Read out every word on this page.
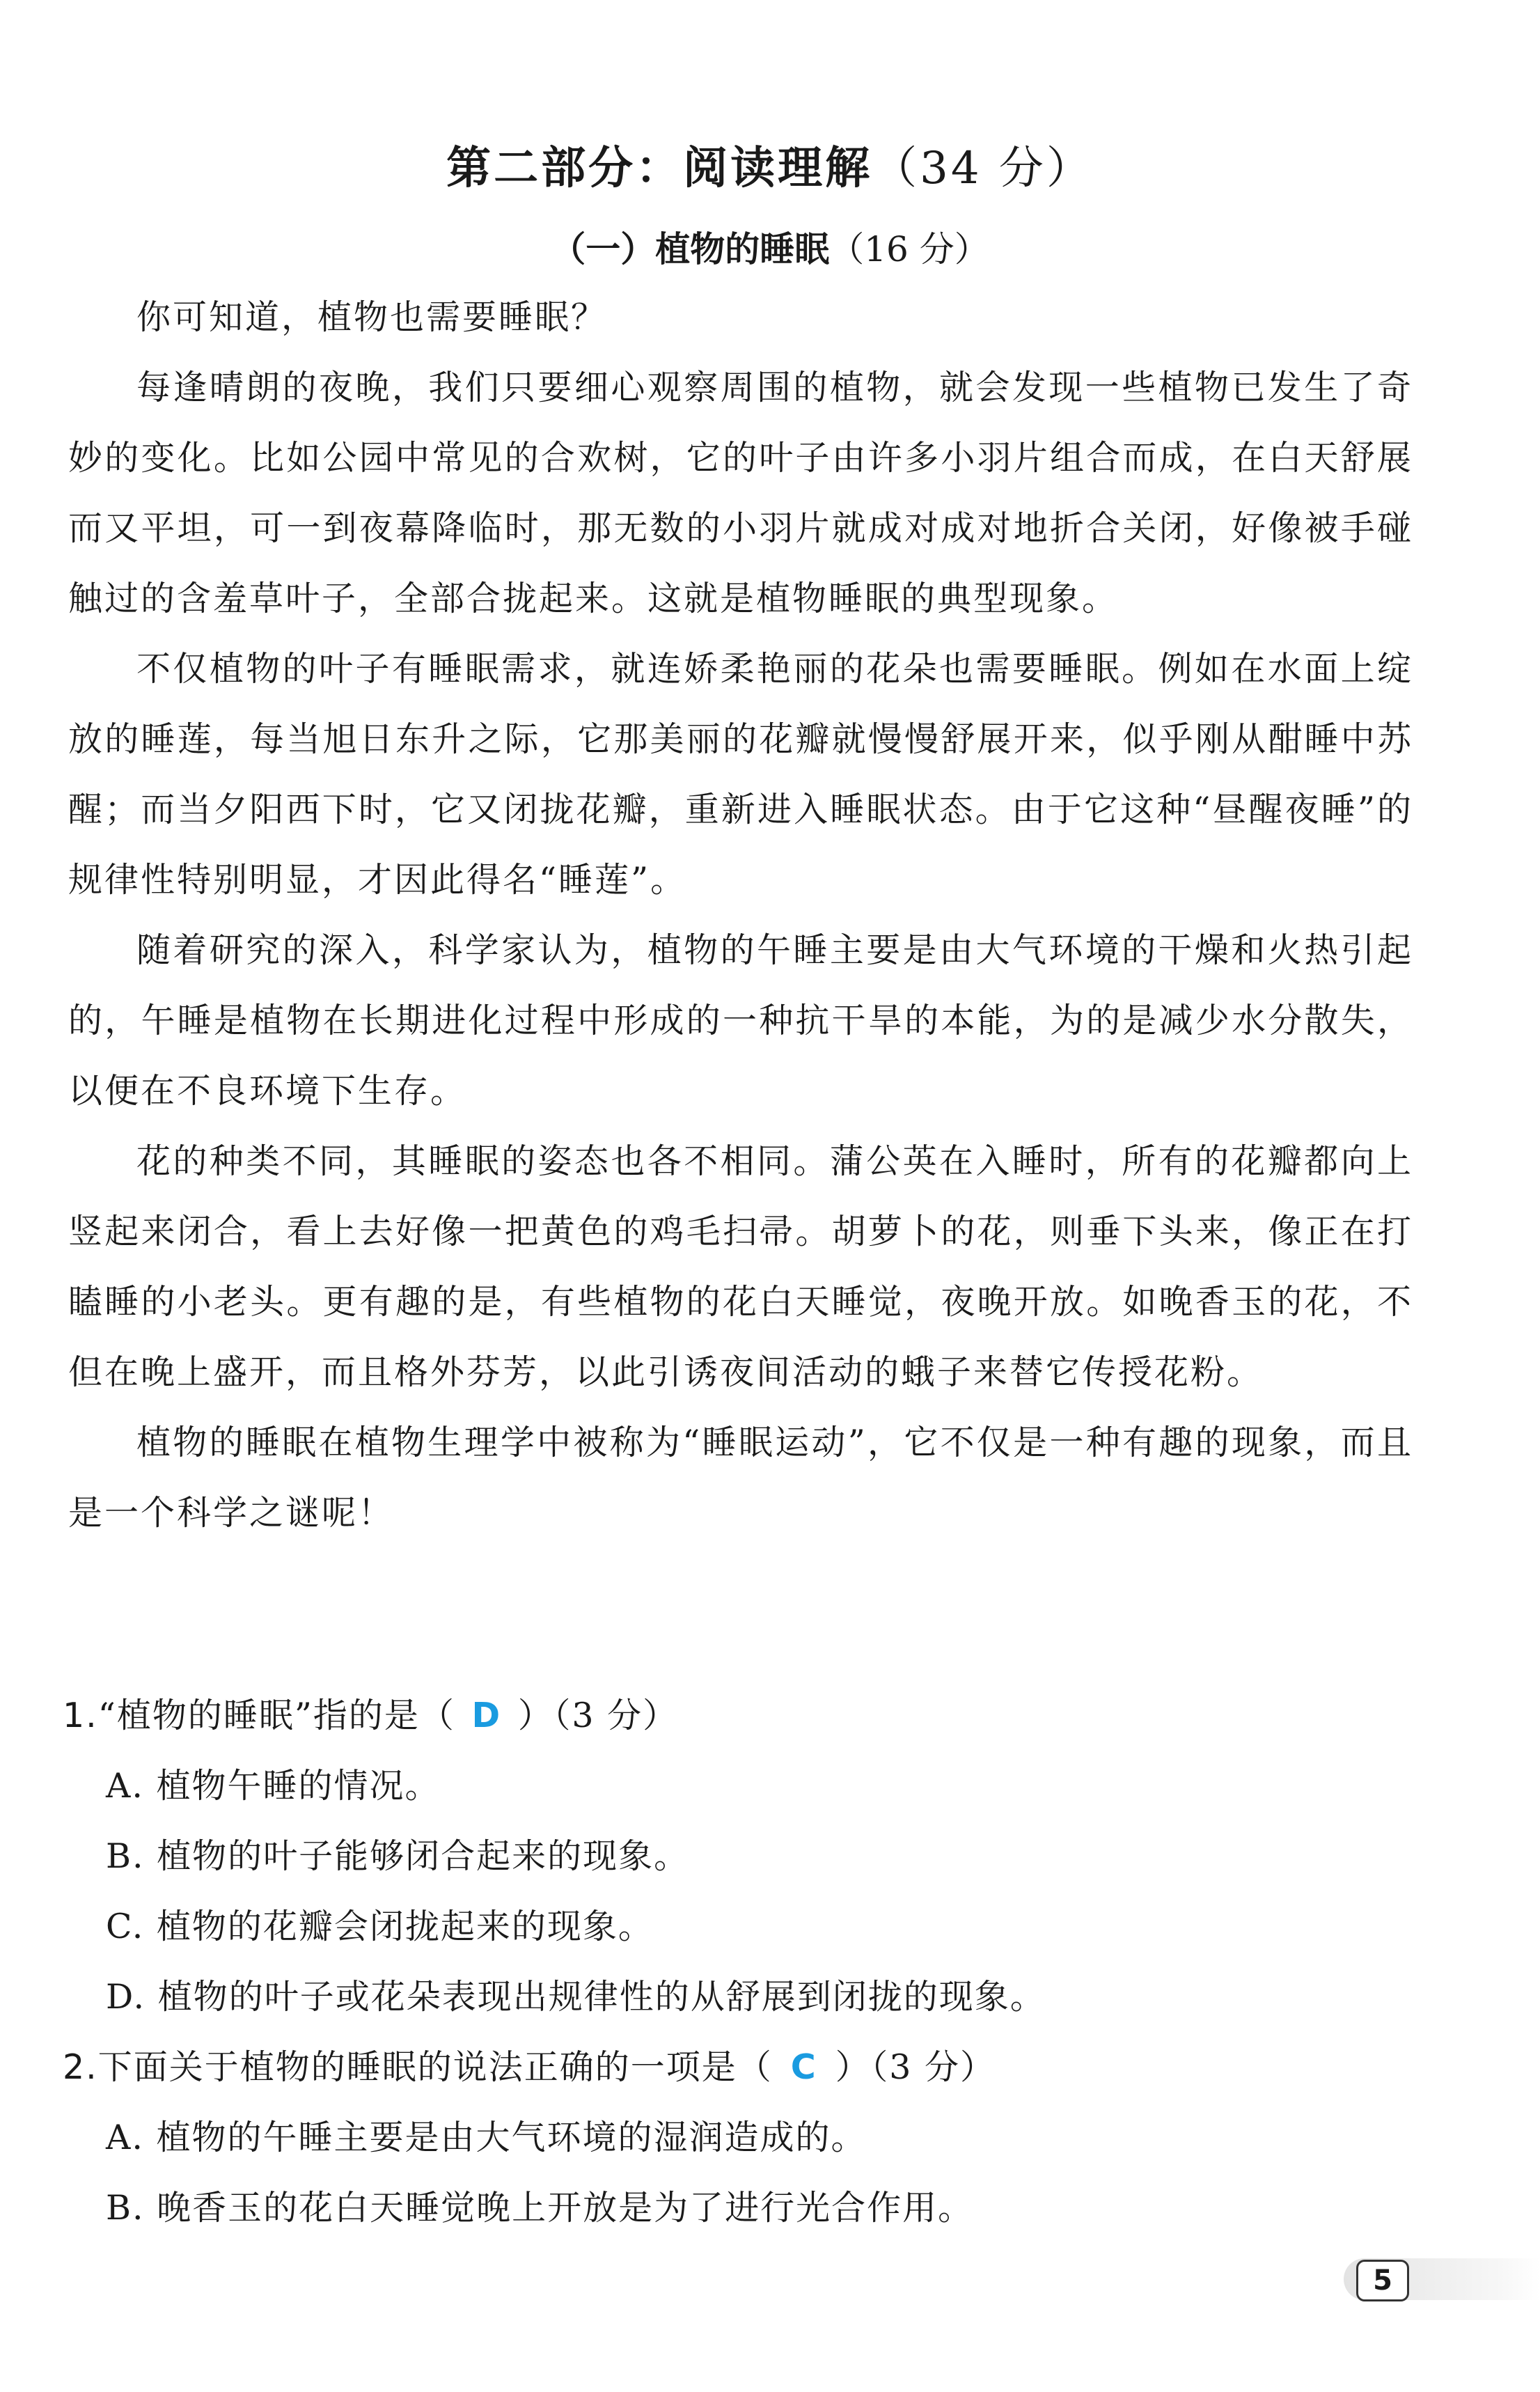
第二部分：阅读理解（34 分）
（一）植物的睡眠（16 分）

你可知道，植物也需要睡眠？

每逢晴朗的夜晚，我们只要细心观察周围的植物，就会发现一些植物已发生了奇妙的变化。比如公园中常见的合欢树，它的叶子由许多小羽片组合而成，在白天舒展而又平坦，可一到夜幕降临时，那无数的小羽片就成对成对地折合关闭，好像被手碰触过的含羞草叶子，全部合拢起来。这就是植物睡眠的典型现象。

不仅植物的叶子有睡眠需求，就连娇柔艳丽的花朵也需要睡眠。例如在水面上绽放的睡莲，每当旭日东升之际，它那美丽的花瓣就慢慢舒展开来，似乎刚从酣睡中苏醒；而当夕阳西下时，它又闭拢花瓣，重新进入睡眠状态。由于它这种“昼醒夜睡”的规律性特别明显，才因此得名“睡莲”。

随着研究的深入，科学家认为，植物的午睡主要是由大气环境的干燥和火热引起的，午睡是植物在长期进化过程中形成的一种抗干旱的本能，为的是减少水分散失，以便在不良环境下生存。

花的种类不同，其睡眠的姿态也各不相同。蒲公英在入睡时，所有的花瓣都向上竖起来闭合，看上去好像一把黄色的鸡毛扫帚。胡萝卜的花，则垂下头来，像正在打瞌睡的小老头。更有趣的是，有些植物的花白天睡觉，夜晚开放。如晚香玉的花，不但在晚上盛开，而且格外芬芳，以此引诱夜间活动的蛾子来替它传授花粉。

植物的睡眠在植物生理学中被称为“睡眠运动”，它不仅是一种有趣的现象，而且是一个科学之谜呢！

1.“植物的睡眠”指的是（ D ）（3 分）
A. 植物午睡的情况。
B. 植物的叶子能够闭合起来的现象。
C. 植物的花瓣会闭拢起来的现象。
D. 植物的叶子或花朵表现出规律性的从舒展到闭拢的现象。
2.下面关于植物的睡眠的说法正确的一项是（ C ）（3 分）
A. 植物的午睡主要是由大气环境的湿润造成的。
B. 晚香玉的花白天睡觉晚上开放是为了进行光合作用。
5
